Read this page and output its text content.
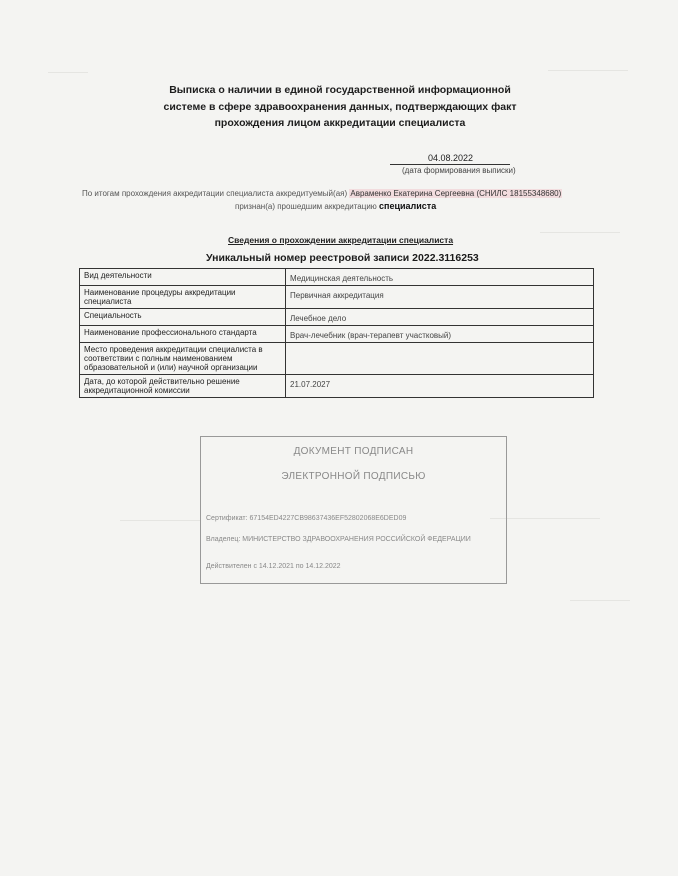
Выписка о наличии в единой государственной информационной
системе в сфере здравоохранения данных, подтверждающих факт
прохождения лицом аккредитации специалиста
04.08.2022
(дата формирования выписки)
По итогам прохождения аккредитации специалиста аккредитуемый(ая) Авраменко Екатерина Сергеевна (СНИЛС 18155348680)
признан(а) прошедшим аккредитацию специалиста
Сведения о прохождении аккредитации специалиста
Уникальный номер реестровой записи 2022.3116253
Вид деятельности	Медицинская деятельность
Наименование процедуры аккредитации специалиста	Первичная аккредитация
Специальность	Лечебное дело
Наименование профессионального стандарта	Врач-лечебник (врач-терапевт участковый)
Место проведения аккредитации специалиста в соответствии с полным наименованием образовательной и (или) научной организации	
Дата, до которой действительно решение аккредитационной комиссии	21.07.2027
ДОКУМЕНТ ПОДПИСАН
ЭЛЕКТРОННОЙ ПОДПИСЬЮ
Сертификат: 67154ED4227CB98637436EF52802068E6DED09
Владелец: МИНИСТЕРСТВО ЗДРАВООХРАНЕНИЯ РОССИЙСКОЙ ФЕДЕРАЦИИ
Действителен с 14.12.2021 по 14.12.2022
